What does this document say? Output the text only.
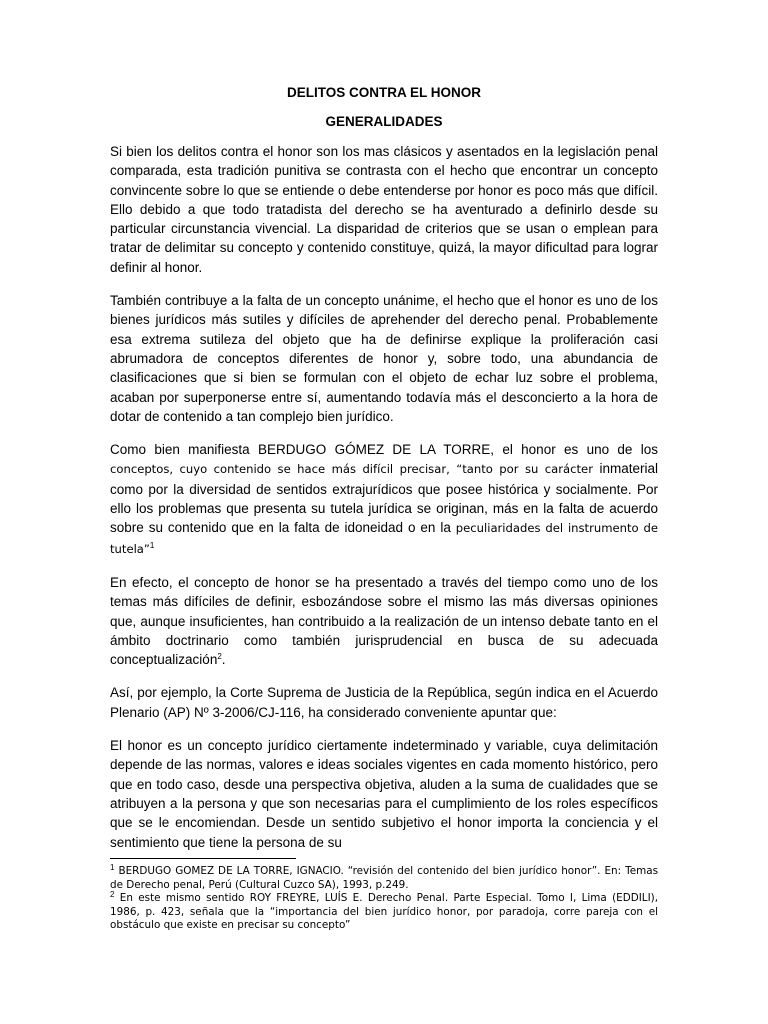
DELITOS CONTRA EL HONOR
GENERALIDADES

Si bien los delitos contra el honor son los mas clásicos y asentados en la legislación penal comparada, esta tradición punitiva se contrasta con el hecho que encontrar un concepto convincente sobre lo que se entiende o debe entenderse por honor es poco más que difícil. Ello debido a que todo tratadista del derecho se ha aventurado a definirlo desde su particular circunstancia vivencial. La disparidad de criterios que se usan o emplean para tratar de delimitar su concepto y contenido constituye, quizá, la mayor dificultad para lograr definir al honor.

También contribuye a la falta de un concepto unánime, el hecho que el honor es uno de los bienes jurídicos más sutiles y difíciles de aprehender del derecho penal. Probablemente esa extrema sutileza del objeto que ha de definirse explique la proliferación casi abrumadora de conceptos diferentes de honor y, sobre todo, una abundancia de clasificaciones que si bien se formulan con el objeto de echar luz sobre el problema, acaban por superponerse entre sí, aumentando todavía más el desconcierto a la hora de dotar de contenido a tan complejo bien jurídico.

Como bien manifiesta BERDUGO GÓMEZ DE LA TORRE, el honor es uno de los conceptos, cuyo contenido se hace más difícil precisar, “tanto por su carácter inmaterial como por la diversidad de sentidos extrajurídicos que posee histórica y socialmente. Por ello los problemas que presenta su tutela jurídica se originan, más en la falta de acuerdo sobre su contenido que en la falta de idoneidad o en la peculiaridades del instrumento de tutela”$^1$

En efecto, el concepto de honor se ha presentado a través del tiempo como uno de los temas más difíciles de definir, esbozándose sobre el mismo las más diversas opiniones que, aunque insuficientes, han contribuido a la realización de un intenso debate tanto en el ámbito doctrinario como también jurisprudencial en busca de su adecuada conceptualización$^2$.

Así, por ejemplo, la Corte Suprema de Justicia de la República, según indica en el Acuerdo Plenario (AP) Nº 3-2006/CJ-116, ha considerado conveniente apuntar que:

El honor es un concepto jurídico ciertamente indeterminado y variable, cuya delimitación depende de las normas, valores e ideas sociales vigentes en cada momento histórico, pero que en todo caso, desde una perspectiva objetiva, aluden a la suma de cualidades que se atribuyen a la persona y que son necesarias para el cumplimiento de los roles específicos que se le encomiendan. Desde un sentido subjetivo el honor importa la conciencia y el sentimiento que tiene la persona de su

$^1$ BERDUGO GOMEZ DE LA TORRE, IGNACIO. “revisión del contenido del bien jurídico honor”. En: Temas de Derecho penal, Perú (Cultural Cuzco SA), 1993, p.249.

$^2$ En este mismo sentido ROY FREYRE, LUÍS E. Derecho Penal. Parte Especial. Tomo I, Lima (EDDILI), 1986, p. 423, señala que la “importancia del bien jurídico honor, por paradoja, corre pareja con el obstáculo que existe en precisar su concepto”
